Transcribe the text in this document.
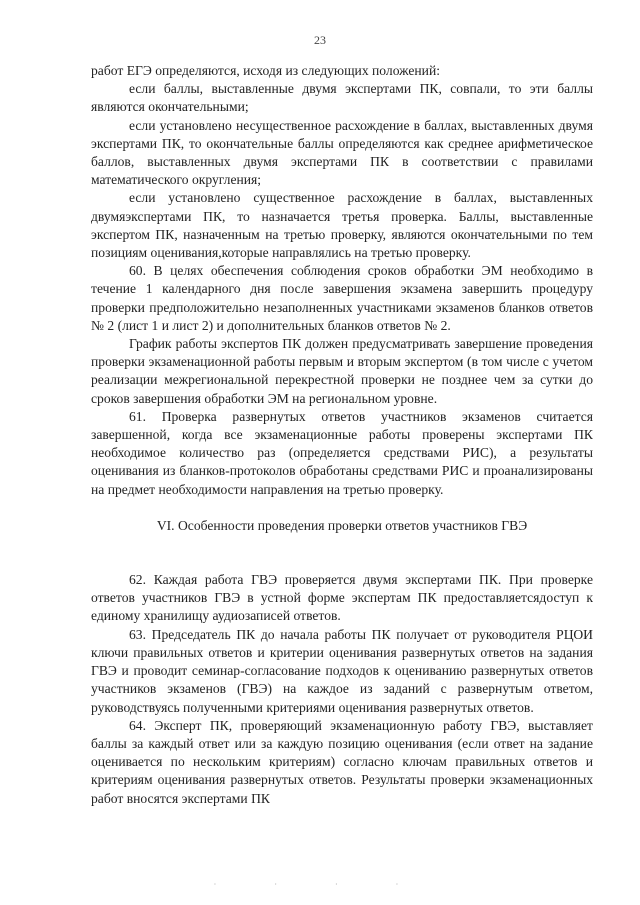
23

работ ЕГЭ определяются, исходя из следующих положений:

если баллы, выставленные двумя экспертами ПК, совпали, то эти баллы являются окончательными;

если установлено несущественное расхождение в баллах, выставленных двумя экспертами ПК, то окончательные баллы определяются как среднее арифметическое баллов, выставленных двумя экспертами ПК в соответствии с правилами математического округления;

если установлено существенное расхождение в баллах, выставленных двумяэкспертами ПК, то назначается третья проверка. Баллы, выставленные экспертом ПК, назначенным на третью проверку, являются окончательными по тем позициям оценивания,которые направлялись на третью проверку.

60. В целях обеспечения соблюдения сроков обработки ЭМ необходимо в течение 1 календарного дня после завершения экзамена завершить процедуру проверки предположительно незаполненных участниками экзаменов бланков ответов № 2 (лист 1 и лист 2) и дополнительных бланков ответов № 2.

График работы экспертов ПК должен предусматривать завершение проведения проверки экзаменационной работы первым и вторым экспертом (в том числе с учетом реализации межрегиональной перекрестной проверки не позднее чем за сутки до сроков завершения обработки ЭМ на региональном уровне.

61. Проверка развернутых ответов участников экзаменов считается завершенной, когда все экзаменационные работы проверены экспертами ПК необходимое количество раз (определяется средствами РИС), а результаты оценивания из бланков-протоколов обработаны средствами РИС и проанализированы на предмет необходимости направления на третью проверку.

VI. Особенности проведения проверки ответов участников ГВЭ

62. Каждая работа ГВЭ проверяется двумя экспертами ПК. При проверке ответов участников ГВЭ в устной форме экспертам ПК предоставляетсядоступ к единому хранилищу аудиозаписей ответов.

63. Председатель ПК до начала работы ПК получает от руководителя РЦОИ ключи правильных ответов и критерии оценивания развернутых ответов на задания ГВЭ и проводит семинар-согласование подходов к оцениванию развернутых ответов участников экзаменов (ГВЭ) на каждое из заданий с развернутым ответом, руководствуясь полученными критериями оценивания развернутых ответов.

64. Эксперт ПК, проверяющий экзаменационную работу ГВЭ, выставляет баллы за каждый ответ или за каждую позицию оценивания (если ответ на задание оценивается по нескольким критериям) согласно ключам правильных ответов и критериям оценивания развернутых ответов. Результаты проверки экзаменационных работ вносятся экспертами ПК

· · · ·
